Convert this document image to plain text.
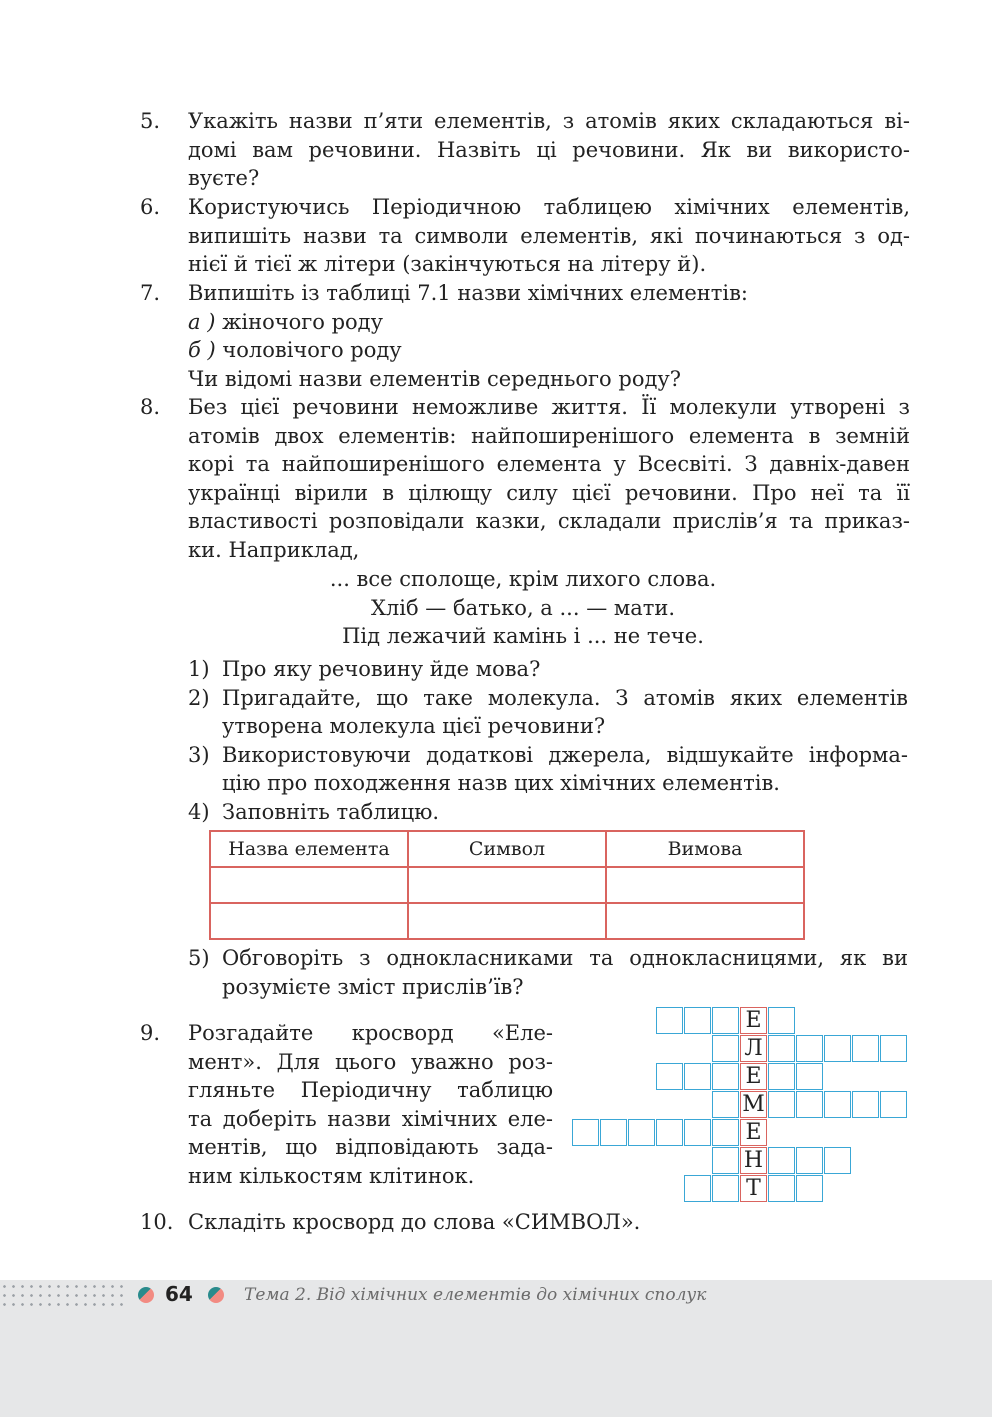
5. Укажіть назви п’яти елементів, з атомів яких складаються ві-
домі вам речовини. Назвіть ці речовини. Як ви використо-
вуєте?
6. Користуючись Періодичною таблицею хімічних елементів,
випишіть назви та символи елементів, які починаються з од-
нієї й тієї ж літери (закінчуються на літеру й).
7. Випишіть із таблиці 7.1 назви хімічних елементів:
а ) жіночого роду
б ) чоловічого роду
Чи відомі назви елементів середнього роду?
8. Без цієї речовини неможливе життя. Її молекули утворені з
атомів двох елементів: найпоширенішого елемента в земній
корі та найпоширенішого елемента у Всесвіті. З давніх-давен
українці вірили в цілющу силу цієї речовини. Про неї та її
властивості розповідали казки, складали прислів’я та приказ-
ки. Наприклад,
... все сполоще, крім лихого слова.
Хліб — батько, а ... — мати.
Під лежачий камінь і ... не тече.
1) Про яку речовину йде мова?
2) Пригадайте, що таке молекула. З атомів яких елементів
утворена молекула цієї речовини?
3) Використовуючи додаткові джерела, відшукайте інформа-
цію про походження назв цих хімічних елементів.
4) Заповніть таблицю.
Назва елемента	Символ	Вимова

5) Обговоріть з однокласниками та однокласницями, як ви
розумієте зміст прислів’їв?
9. Розгадайте кросворд «Еле-
мент». Для цього уважно роз-
гляньте Періодичну таблицю
та доберіть назви хімічних еле-
ментів, що відповідають зада-
ним кількостям клітинок.
Е
Л
Е
М
Е
Н
Т
10. Складіть кросворд до слова «СИМВОЛ».
64	Тема 2. Від хімічних елементів до хімічних сполук
